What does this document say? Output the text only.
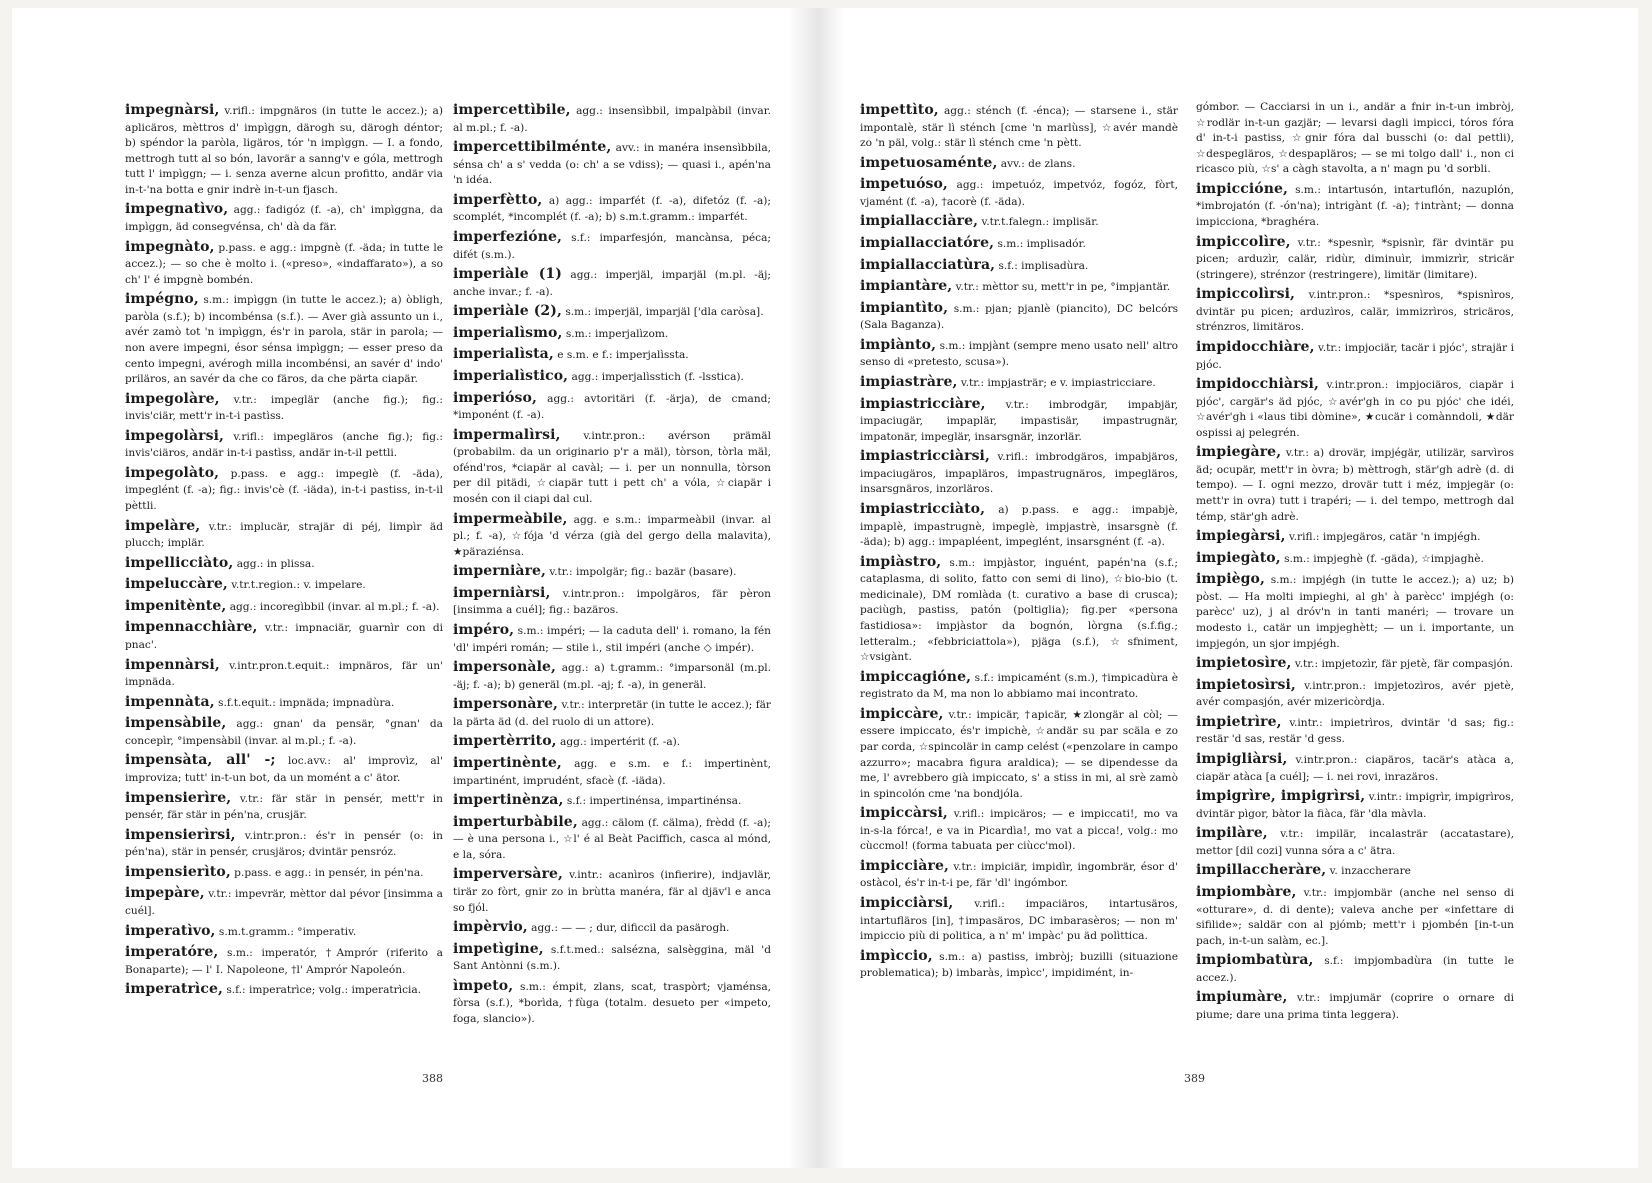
impegnàrsi, v.rifl.: impgnäros (in tutte le accez.); a) aplicäros, mèttros d' impìggn, därogh su, därogh déntor; b) spéndor la paròla, ligäros, tór 'n impìggn. — I. a fondo, mettrogh tutt al so bón, lavorär a sanng'v e góla, mettrogh tutt l' impìggn; — i. senza averne alcun profitto, andär via in-t-'na botta e gnir indrè in-t-un fjasch.

impegnatìvo, agg.: fadigóz (f. -a), ch' impìggna, da impìggn, äd consegvénsa, ch' dà da fär.

impegnàto, p.pass. e agg.: impgnè (f. -äda; in tutte le accez.); — so che è molto i. («preso», «indaffarato»), a so ch' l' é impgnè bombén.

impégno, s.m.: impìggn (in tutte le accez.); a) òbligh, paròla (s.f.); b) incombénsa (s.f.). — Aver già assunto un i., avér zamò tot 'n impìggn, és'r in parola, stär in parola; — non avere impegni, ésor sénsa impìggn; — esser preso da cento impegni, avérogh milla incombénsi, an savér d' indo' priläros, an savér da che co färos, da che pärta ciapär.

impegolàre, v.tr.: impeglär (anche fig.); fig.: invis'ciär, mett'r in-t-i pastìss.

impegolàrsi, v.rifl.: impegläros (anche fig.); fig.: invis'ciäros, andär in-t-i pastìss, andär in-t-il pettli.

impegolàto, p.pass. e agg.: impeglè (f. -äda), impeglént (f. -a); fig.: invis'cè (f. -iäda), in-t-i pastiss, in-t-il pèttli.

impelàre, v.tr.: implucär, strajär di péj, limpìr äd plucch; implär.

impellicciàto, agg.: in plissa.

impeluccàre, v.tr.t.region.: v. impelare.

impenitènte, agg.: incoregìbbil (invar. al m.pl.; f. -a).

impennacchiàre, v.tr.: impnaciär, guarnìr con di pnac'.

impennàrsi, v.intr.pron.t.equit.: impnäros, fär un' impnäda.

impennàta, s.f.t.equit.: impnäda; impnadùra.

impensàbile, agg.: gnan' da pensär, °gnan' da concepìr, °impensàbil (invar. al m.pl.; f. -a).

impensàta, all' -; loc.avv.: al' improvìz, al' improviza; tutt' in-t-un bot, da un momént a c' ätor.

impensierìre, v.tr.: fär stär in pensér, mett'r in pensér, fär stär in pén'na, crusjär.

impensierìrsi, v.intr.pron.: és'r in pensér (o: in pén'na), stär in pensér, crusjäros; dvintär pensróz.

impensierìto, p.pass. e agg.: in pensér, in pén'na.

impepàre, v.tr.: impevrär, mèttor dal pévor [insimma a cuél].

imperatìvo, s.m.t.gramm.: °imperativ.

imperatóre, s.m.: imperatór, †Amprór (riferito a Bonaparte); — l' I. Napoleone, †l' Amprór Napoleón.

imperatrìce, s.f.: imperatrìce; volg.: imperatrìcia.

impercettìbile, agg.: insensìbbil, impalpàbil (invar. al m.pl.; f. -a).

impercettibilménte, avv.: in manéra insensìbbila, sénsa ch' a s' vedda (o: ch' a se vdiss); — quasi i., apén'na 'n idéa.

imperfètto, a) agg.: imparfét (f. -a), difetóz (f. -a); scomplét, *incomplét (f. -a); b) s.m.t.gramm.: imparfét.

imperfezióne, s.f.: imparfesjón, mancànsa, péca; difét (s.m.).

imperiàle (1) agg.: imperjäl, imparjäl (m.pl. -äj; anche invar.; f. -a).

imperiàle (2), s.m.: imperjäl, imparjäl ['dla caròsa].

imperialìsmo, s.m.: imperjalìzom.

imperialìsta, e s.m. e f.: imperjalìssta.

imperialìstico, agg.: imperjalìsstich (f. -lsstica).

imperióso, agg.: avtoritäri (f. -ärja), de cmand; *imponént (f. -a).

impermalìrsi, v.intr.pron.: avérson prämäl (probabilm. da un originario p'r a mäl), tòrson, tòrla mäl, ofénd'ros, *ciapär al cavàl; — i. per un nonnulla, tòrson per dil pitädi, ☆ciapär tutt i pett ch' a vóla, ☆ciapär i mosén con il ciapi dal cul.

impermeàbile, agg. e s.m.: imparmeàbil (invar. al pl.; f. -a), ☆fója 'd vérza (già del gergo della malavita), ★päraziénsa.

imperniàre, v.tr.: impolgär; fig.: bazär (basare).

imperniàrsi, v.intr.pron.: impolgäros, fär pèron [insimma a cuél]; fig.: bazäros.

impéro, s.m.: impéri; — la caduta dell' i. romano, la fén 'dl' impéri román; — stile i., stil impéri (anche ◇ impér).

impersonàle, agg.: a) t.gramm.: °imparsonäl (m.pl. -äj; f. -a); b) generäl (m.pl. -aj; f. -a), in generäl.

impersonàre, v.tr.: interpretär (in tutte le accez.); fär la pärta äd (d. del ruolo di un attore).

impertèrrito, agg.: impertérit (f. -a).

impertinènte, agg. e s.m. e f.: impertinènt, impartinént, imprudént, sfacè (f. -iäda).

impertinènza, s.f.: impertinénsa, impartinénsa.

imperturbàbile, agg.: cälom (f. cälma), frèdd (f. -a); — è una persona i., ☆l' é al Beàt Paciffich, casca al mónd, e la, sóra.

imperversàre, v.intr.: acanìros (infierire), indjavlär, tirär zo fòrt, gnir zo in brùtta manéra, fär al djäv'l e anca so fjól.

impèrvio, agg.: — — ; dur, dificcil da pasärogh.

impetìgine, s.f.t.med.: salsézna, salsèggina, mäl 'd Sant Antònni (s.m.).

ìmpeto, s.m.: émpit, zlans, scat, traspòrt; vjaménsa, fòrsa (s.f.), *borìda, †fùga (totalm. desueto per «impeto, foga, slancio»).

388

impettìto, agg.: sténch (f. -énca); — starsene i., stär impontalè, stär lì sténch [cme 'n marlùss], ☆avér mandè zo 'n päl, volg.: stär lì sténch cme 'n pètt.

impetuosaménte, avv.: de zlans.

impetuóso, agg.: impetuóz, impetvóz, fogóz, fòrt, vjamént (f. -a), †acorè (f. -äda).

impiallacciàre, v.tr.t.falegn.: implisär.

impiallacciatóre, s.m.: implisadór.

impiallacciatùra, s.f.: implisadùra.

impiantàre, v.tr.: mèttor su, mett'r in pe, °impjantär.

impiantìto, s.m.: pjan; pjanlè (piancito), DC belcórs (Sala Baganza).

impiànto, s.m.: impjànt (sempre meno usato nell' altro senso di «pretesto, scusa»).

impiastràre, v.tr.: impjasträr; e v. impiastricciare.

impiastricciàre, v.tr.: imbrodgär, impabjär, impaciugär, impaplär, impastisär, impastrugnär, impatonär, impeglär, insarsgnär, inzorlär.

impiastricciàrsi, v.rifl.: imbrodgäros, impabjäros, impaciugäros, impapläros, impastrugnäros, impegläros, insarsgnäros, inzorläros.

impiastricciàto, a) p.pass. e agg.: impabjè, impaplè, impastrugnè, impeglè, impjastrè, insarsgnè (f. -äda); b) agg.: impapléent, impeglént, insarsgnént (f. -a).

impiàstro, s.m.: impjàstor, inguént, papén'na (s.f.; cataplasma, di solito, fatto con semi di lino), ☆bio-bio (t. medicinale), DM romlàda (t. curativo a base di crusca); paciùgh, pastiss, patón (poltiglia); fig.per «persona fastidiosa»: impjàstor da bognón, lòrgna (s.f.fig.; letteralm.; «febbriciattola»), pjäga (s.f.), ☆sfniment, ☆vsigànt.

impiccagióne, s.f.: impicamént (s.m.), †impicadùra è registrato da M, ma non lo abbiamo mai incontrato.

impiccàre, v.tr.: impicär, †apicär, ★zlongär al còl; — essere impiccato, és'r impichè, ☆andär su par scäla e zo par corda, ☆spincolär in camp celést («penzolare in campo azzurro»; macabra figura araldica); — se dipendesse da me, l' avrebbero già impiccato, s' a stiss in mi, al srè zamò in spincolón cme 'na bondjóla.

impiccàrsi, v.rifl.: impicäros; — e impiccati!, mo va in-s-la fórca!, e va in Picardìa!, mo vat a picca!, volg.: mo cùccmol! (forma tabuata per ciùcc'mol).

impicciàre, v.tr.: impiciär, impidìr, ingombrär, ésor d' ostàcol, és'r in-t-i pe, fär 'dl' ingómbor.

impicciàrsi, v.rifl.: impaciäros, intartusäros, intartufläros [in], †impasäros, DC imbarasèros; — non m' impiccio più di politica, a n' m' impàc' pu äd polìttica.

impìccio, s.m.: a) pastiss, imbròj; buzilli (situazione problematica); b) imbaràs, impìcc', impidimént, in-

gómbor. — Cacciarsi in un i., andär a fnir in-t-un imbròj, ☆rodlär in-t-un gazjär; — levarsi dagli impicci, tóros fóra d' in-t-i pastiss, ☆gnir fóra dal busschi (o: dal pettli), ☆despegläros, ☆despapläros; — se mi tolgo dall' i., non ci ricasco più, ☆s' a càgh stavolta, a n' magn pu 'd sorbli.

impiccióne, s.m.: intartusón, intartuflón, nazuplón, *imbrojatón (f. -ón'na); intrigànt (f. -a); †intrànt; — donna impicciona, *braghéra.

impiccolìre, v.tr.: *spesnìr, *spisnìr, fär dvintär pu picen; arduzìr, calär, ridùr, diminuìr, immizrìr, stricär (stringere), strénzor (restringere), limitär (limitare).

impiccolìrsi, v.intr.pron.: *spesnìros, *spisnìros, dvintär pu picen; arduzìros, calär, immizrìros, stricäros, strénzros, limitäros.

impidocchiàre, v.tr.: impjociär, tacär i pjóc', strajär i pjóc.

impidocchiàrsi, v.intr.pron.: impjociäros, ciapär i pjóc', cargär's äd pjóc, ☆avér'gh in co pu pjóc' che idéi, ☆avér'gh i «laus tibi dòmine», ★cucär i comànndoli, ★där ospissi aj pelegrén.

impiegàre, v.tr.: a) drovär, impjégär, utilizär, sarvìros äd; ocupär, mett'r in òvra; b) mèttrogh, stär'gh adrè (d. di tempo). — I. ogni mezzo, drovär tutt i méz, impjegär (o: mett'r in ovra) tutt i trapéri; — i. del tempo, mettrogh dal témp, stär'gh adrè.

impiegàrsi, v.rifl.: impjegäros, catär 'n impjégh.

impiegàto, s.m.: impjeghè (f. -gäda), ☆impjaghè.

impiègo, s.m.: impjégh (in tutte le accez.); a) uz; b) pòst. — Ha molti impieghi, al gh' à parècc' impjégh (o: parècc' uz), j al dróv'n in tanti manéri; — trovare un modesto i., catär un impjeghètt; — un i. importante, un impjegón, un sjor impjégh.

impietosìre, v.tr.: impjetozìr, fär pjetè, fär compasjón.

impietosìrsi, v.intr.pron.: impjetozìros, avér pjetè, avér compasjón, avér mizericòrdja.

impietrìre, v.intr.: impietrìros, dvintär 'd sas; fig.: restär 'd sas, restär 'd gess.

impigliàrsi, v.intr.pron.: ciapäros, tacär's atàca a, ciapär atàca [a cuél]; — i. nei rovi, inrazäros.

impigrìre, impigrìrsi, v.intr.: impigrìr, impigrìros, dvintär pìgor, bàtor la fiàca, fär 'dla màvla.

impilàre, v.tr.: impilär, incalasträr (accatastare), mettor [dil cozi] vunna sóra a c' ätra.

impillaccheràre, v. inzaccherare

impiombàre, v.tr.: impjombär (anche nel senso di «otturare», d. di dente); valeva anche per «infettare di sifilide»; saldär con al pjómb; mett'r i pjombén [in-t-un pach, in-t-un salàm, ec.].

impiombatùra, s.f.: impjombadùra (in tutte le accez.).

impiumàre, v.tr.: impjumär (coprire o ornare di piume; dare una prima tinta leggera).

389
